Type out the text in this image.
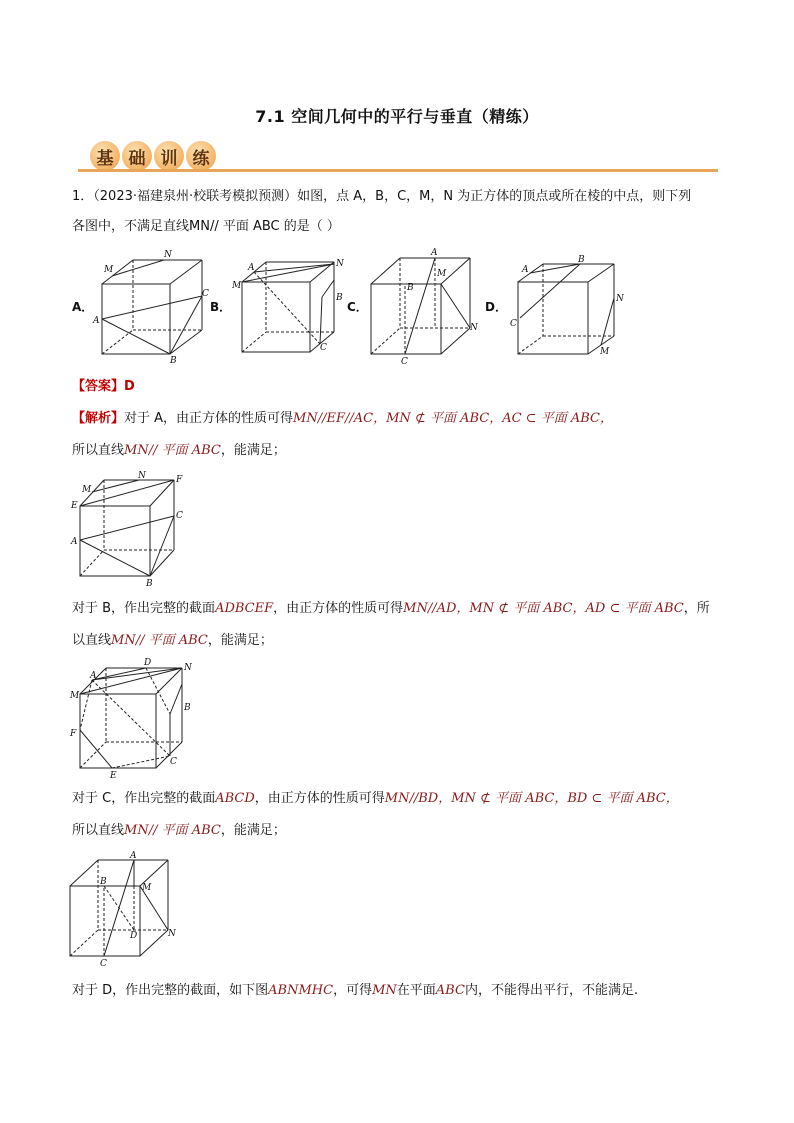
7.1 空间几何中的平行与垂直（精练）
基 础 训 练
1．（2023·福建泉州·校联考模拟预测）如图，点 A，B，C，M，N 为正方体的顶点或所在棱的中点，则下列
各图中，不满足直线MN// 平面 ABC 的是（ ）
A．	B．	C．	D．
M
N
A
C
B
A
M
N
B
C
A
M
B
N
C
A
B
N
C
M
【答案】D
【解析】对于 A，由正方体的性质可得MN//EF//AC，MN ⊄ 平面 ABC，AC ⊂ 平面 ABC，
所以直线MN// 平面 ABC，能满足；
M
N	F
E
A
C
B
对于 B，作出完整的截面ADBCEF，由正方体的性质可得MN//AD，MN ⊄ 平面 ABC，AD ⊂ 平面 ABC，所
以直线MN// 平面 ABC，能满足；
D
A
N
M
B
F
C
E
对于 C，作出完整的截面ABCD，由正方体的性质可得MN//BD，MN ⊄ 平面 ABC，BD ⊂ 平面 ABC，
所以直线MN// 平面 ABC，能满足；
A
M
B
N
D
C
对于 D，作出完整的截面，如下图ABNMHC，可得MN在平面ABC内，不能得出平行，不能满足.
